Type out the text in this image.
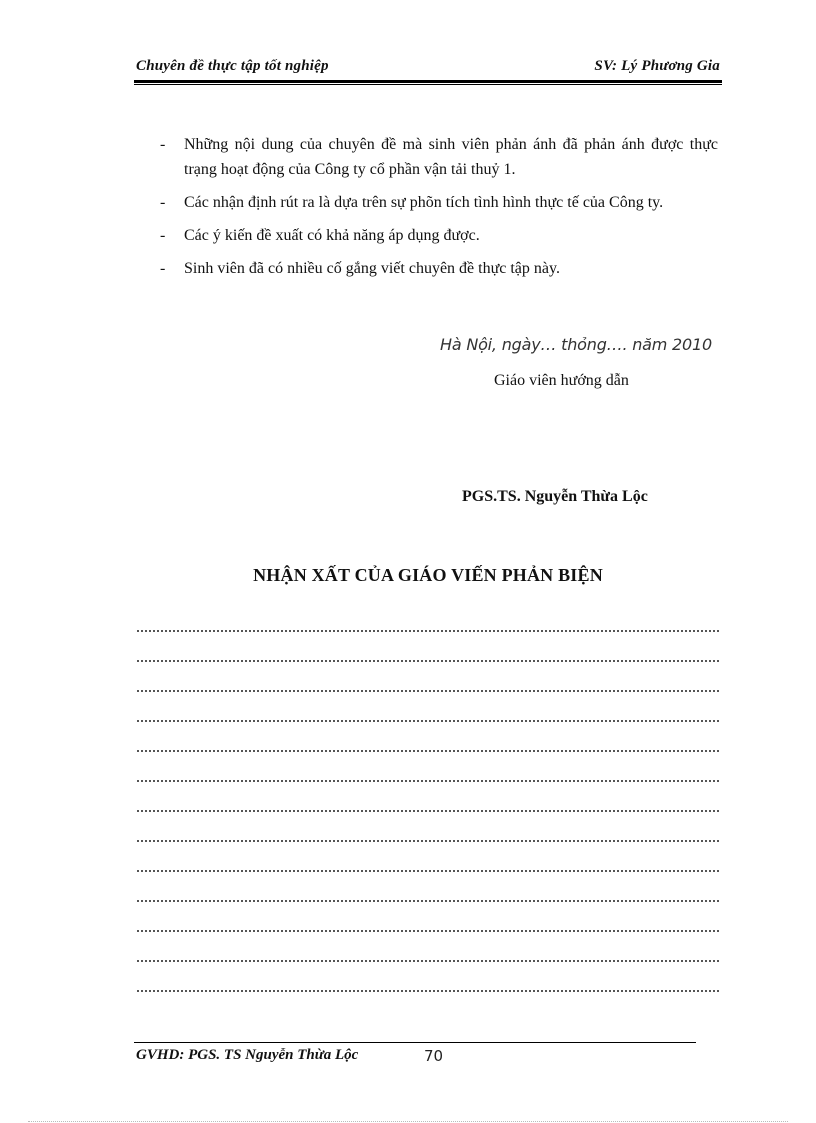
Chuyên đề thực tập tốt nghiệp	SV: Lý Phương Gia
-	Những nội dung của chuyên đề mà sinh viên phản ánh đã phản ánh được thực trạng hoạt động của Công ty cổ phần vận tải thuỷ 1.
-	Các nhận định rút ra là dựa trên sự phõn tích tình hình thực tế của Công ty.
-	Các ý kiến đề xuất có khả năng áp dụng được.
-	Sinh viên đã có nhiều cố gắng viết chuyên đề thực tập này.
Hà Nội, ngày… thỏng…. năm 2010
Giáo viên hướng dẫn
PGS.TS. Nguyễn Thừa Lộc
NHẬN XẤT CỦA GIÁO VIẾN PHẢN BIỆN
GVHD: PGS. TS Nguyễn Thừa Lộc	70
